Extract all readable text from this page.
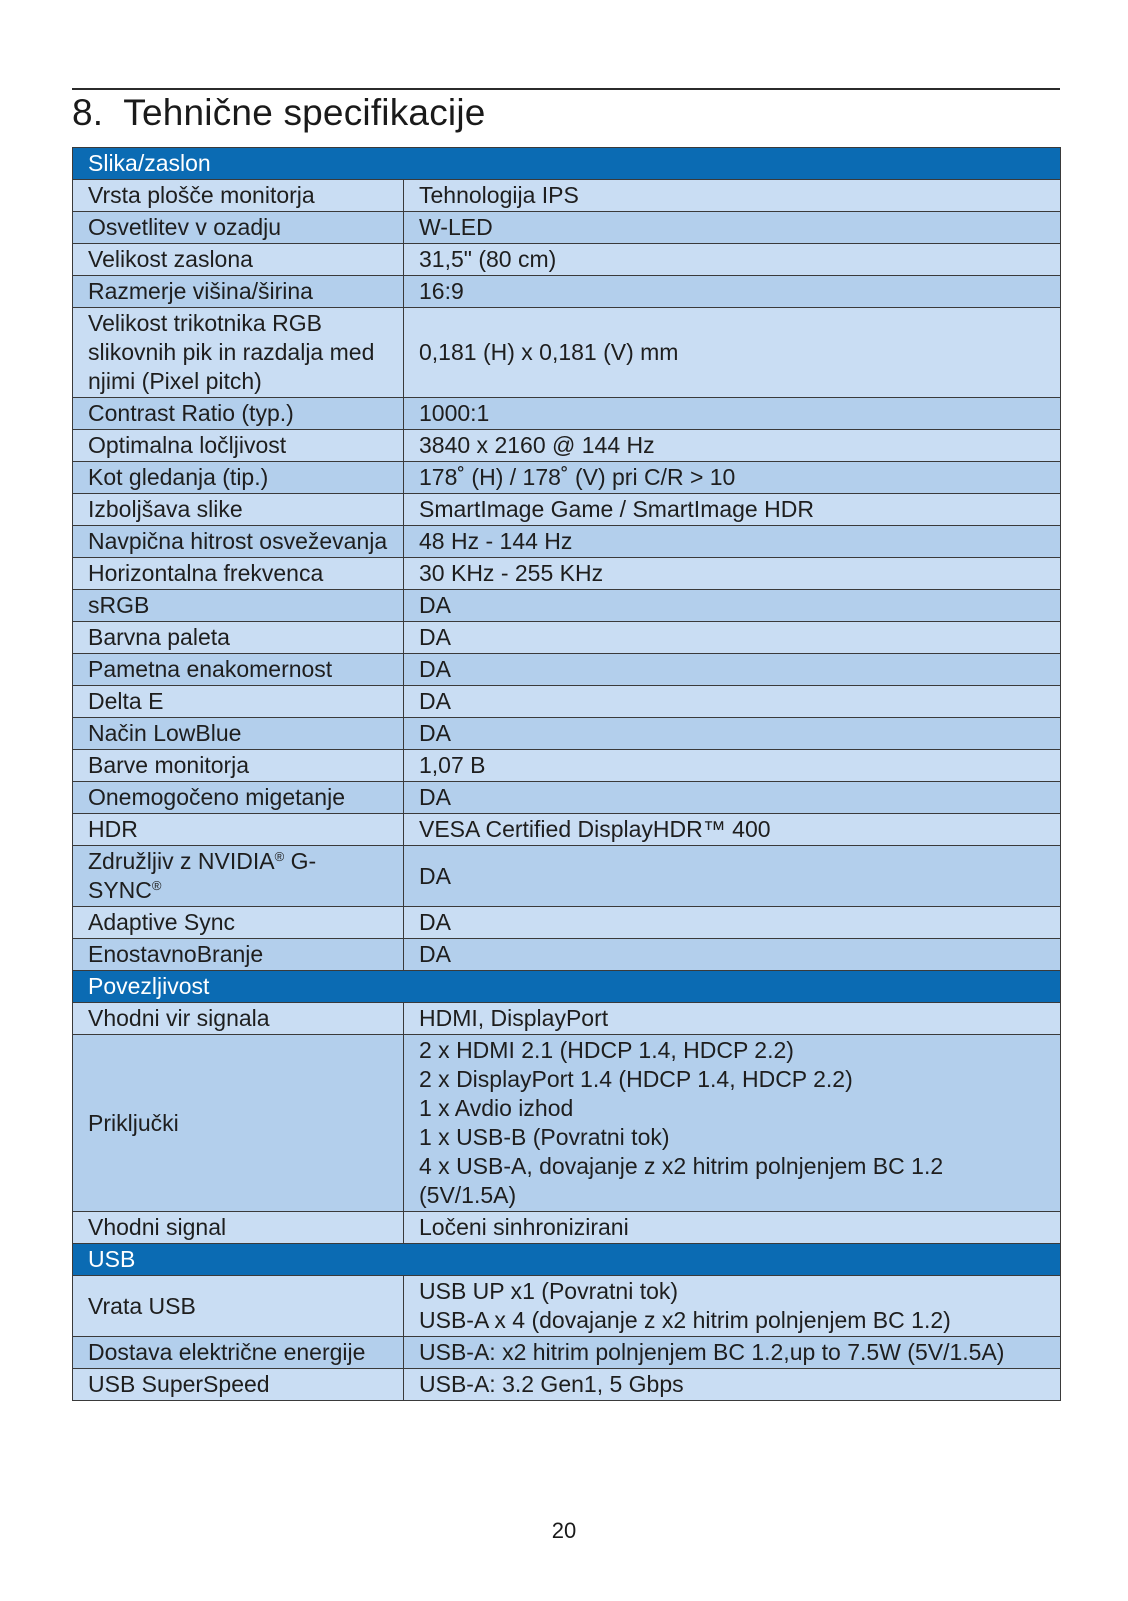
8. Tehnične specifikacije
Slika/zaslon	
Vrsta plošče monitorja	Tehnologija IPS

Osvetlitev v ozadju	W-LED

Velikost zaslona	31,5" (80 cm)

Razmerje višina/širina	16:9

Velikost trikotnika RGB slikovnih pik in razdalja med njimi (Pixel pitch)	0,181 (H) x 0,181 (V) mm

Contrast Ratio (typ.)	1000:1

Optimalna ločljivost	3840 x 2160 @ 144 Hz

Kot gledanja (tip.)	178˚ (H) / 178˚ (V) pri C/R > 10

Izboljšava slike	SmartImage Game / SmartImage HDR

Navpična hitrost osveževanja	48 Hz - 144 Hz

Horizontalna frekvenca	30 KHz - 255 KHz

sRGB	DA

Barvna paleta	DA

Pametna enakomernost	DA

Delta E	DA

Način LowBlue	DA

Barve monitorja	1,07 B

Onemogočeno migetanje	DA

HDR	VESA Certified DisplayHDR™ 400

Združljiv z NVIDIA® G-SYNC®	DA

Adaptive Sync	DA

EnostavnoBranje	DA

Povezljivost	
Vhodni vir signala	HDMI, DisplayPort

Priključki	2 x HDMI 2.1 (HDCP 1.4, HDCP 2.2)
2 x DisplayPort 1.4 (HDCP 1.4, HDCP 2.2)
1 x Avdio izhod
1 x USB-B (Povratni tok)
4 x USB-A, dovajanje z x2 hitrim polnjenjem BC 1.2 (5V/1.5A)

Vhodni signal	Ločeni sinhronizirani

USB	
Vrata USB	USB UP x1 (Povratni tok)
USB-A x 4 (dovajanje z x2 hitrim polnjenjem BC 1.2)

Dostava električne energije	USB-A: x2 hitrim polnjenjem BC 1.2,up to 7.5W (5V/1.5A)

USB SuperSpeed	USB-A: 3.2 Gen1, 5 Gbps
20
